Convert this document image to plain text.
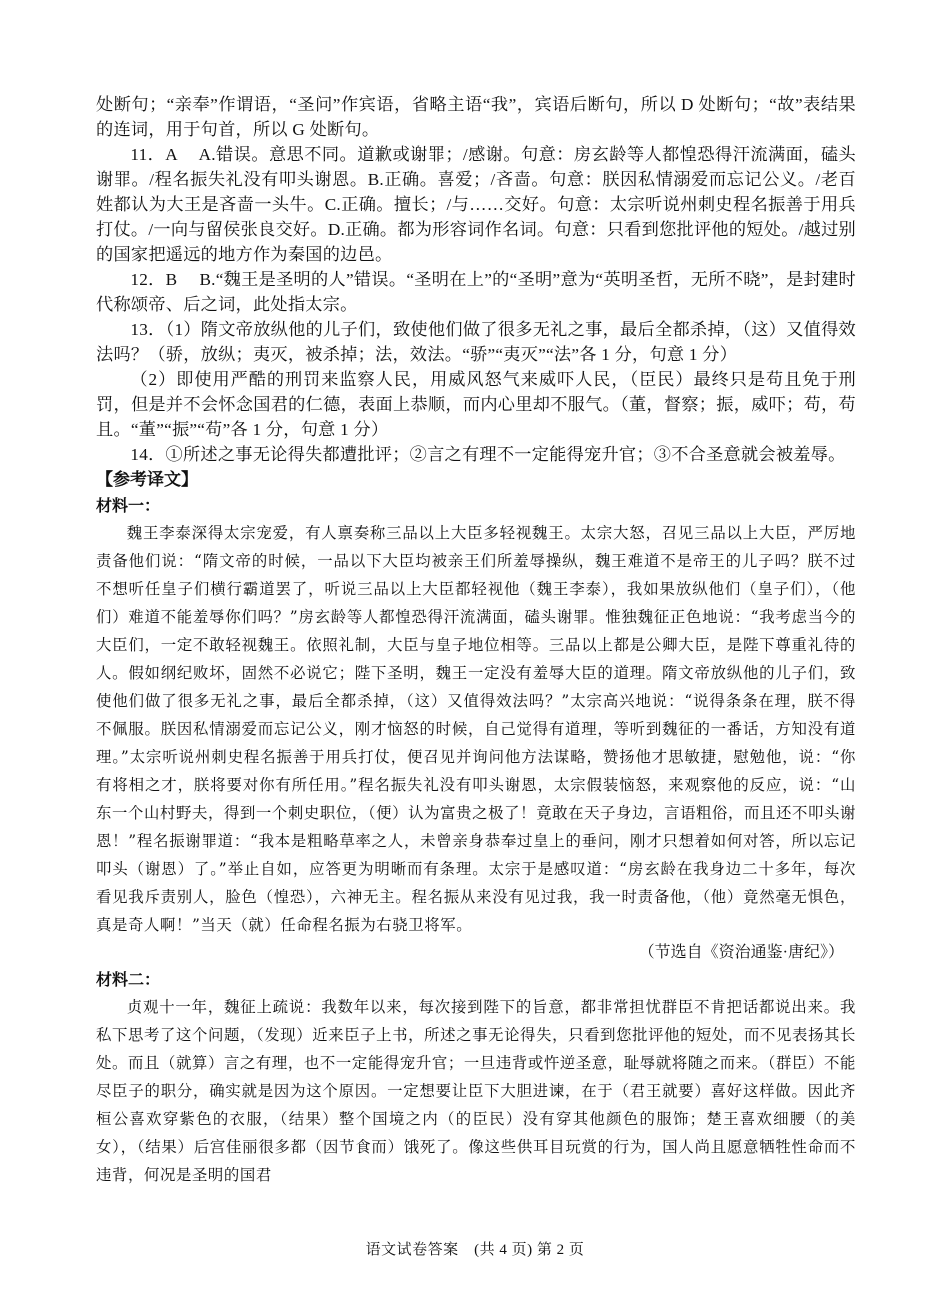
处断句；“亲奉”作谓语，“圣问”作宾语，省略主语“我”，宾语后断句，所以 D 处断句；“故”表结果的连词，用于句首，所以 G 处断句。

11．A　 A.错误。意思不同。道歉或谢罪；/感谢。句意：房玄龄等人都惶恐得汗流满面，磕头谢罪。/程名振失礼没有叩头谢恩。B.正确。喜爱；/吝啬。句意：朕因私情溺爱而忘记公义。/老百姓都认为大王是吝啬一头牛。C.正确。擅长；/与……交好。句意：太宗听说州刺史程名振善于用兵打仗。/一向与留侯张良交好。D.正确。都为形容词作名词。句意：只看到您批评他的短处。/越过别的国家把遥远的地方作为秦国的边邑。

12．B　 B.“魏王是圣明的人”错误。“圣明在上”的“圣明”意为“英明圣哲，无所不晓”，是封建时代称颂帝、后之词，此处指太宗。

13．（1）隋文帝放纵他的儿子们，致使他们做了很多无礼之事，最后全都杀掉，（这）又值得效法吗？（骄，放纵；夷灭，被杀掉；法，效法。“骄”“夷灭”“法”各 1 分，句意 1 分）

（2）即使用严酷的刑罚来监察人民，用威风怒气来威吓人民，（臣民）最终只是苟且免于刑罚，但是并不会怀念国君的仁德，表面上恭顺，而内心里却不服气。（董，督察；振，威吓；苟，苟且。“董”“振”“苟”各 1 分，句意 1 分）

14．①所述之事无论得失都遭批评；②言之有理不一定能得宠升官；③不合圣意就会被羞辱。

【参考译文】
材料一：

魏王李泰深得太宗宠爱，有人禀奏称三品以上大臣多轻视魏王。太宗大怒，召见三品以上大臣，严厉地责备他们说：“隋文帝的时候，一品以下大臣均被亲王们所羞辱操纵，魏王难道不是帝王的儿子吗？朕不过不想听任皇子们横行霸道罢了，听说三品以上大臣都轻视他（魏王李泰），我如果放纵他们（皇子们），（他们）难道不能羞辱你们吗？”房玄龄等人都惶恐得汗流满面，磕头谢罪。惟独魏征正色地说：“我考虑当今的大臣们，一定不敢轻视魏王。依照礼制，大臣与皇子地位相等。三品以上都是公卿大臣，是陛下尊重礼待的人。假如纲纪败坏，固然不必说它；陛下圣明，魏王一定没有羞辱大臣的道理。隋文帝放纵他的儿子们，致使他们做了很多无礼之事，最后全都杀掉，（这）又值得效法吗？”太宗高兴地说：“说得条条在理，朕不得不佩服。朕因私情溺爱而忘记公义，刚才恼怒的时候，自己觉得有道理，等听到魏征的一番话，方知没有道理。”太宗听说州刺史程名振善于用兵打仗，便召见并询问他方法谋略，赞扬他才思敏捷，慰勉他，说：“你有将相之才，朕将要对你有所任用。”程名振失礼没有叩头谢恩，太宗假装恼怒，来观察他的反应，说：“山东一个山村野夫，得到一个刺史职位，（便）认为富贵之极了！竟敢在天子身边，言语粗俗，而且还不叩头谢恩！”程名振谢罪道：“我本是粗略草率之人，未曾亲身恭奉过皇上的垂问，刚才只想着如何对答，所以忘记叩头（谢恩）了。”举止自如，应答更为明晰而有条理。太宗于是感叹道：“房玄龄在我身边二十多年，每次看见我斥责别人，脸色（惶恐），六神无主。程名振从来没有见过我，我一时责备他，（他）竟然毫无惧色，真是奇人啊！”当天（就）任命程名振为右骁卫将军。

（节选自《资治通鉴·唐纪》）
材料二：

贞观十一年，魏征上疏说：我数年以来，每次接到陛下的旨意，都非常担忧群臣不肯把话都说出来。我私下思考了这个问题，（发现）近来臣子上书，所述之事无论得失，只看到您批评他的短处，而不见表扬其长处。而且（就算）言之有理，也不一定能得宠升官；一旦违背或忤逆圣意，耻辱就将随之而来。（群臣）不能尽臣子的职分，确实就是因为这个原因。一定想要让臣下大胆进谏，在于（君王就要）喜好这样做。因此齐桓公喜欢穿紫色的衣服，（结果）整个国境之内（的臣民）没有穿其他颜色的服饰；楚王喜欢细腰（的美女），（结果）后宫佳丽很多都（因节食而）饿死了。像这些供耳目玩赏的行为，国人尚且愿意牺牲性命而不违背，何况是圣明的国君

语文试卷答案　(共 4 页) 第 2 页
